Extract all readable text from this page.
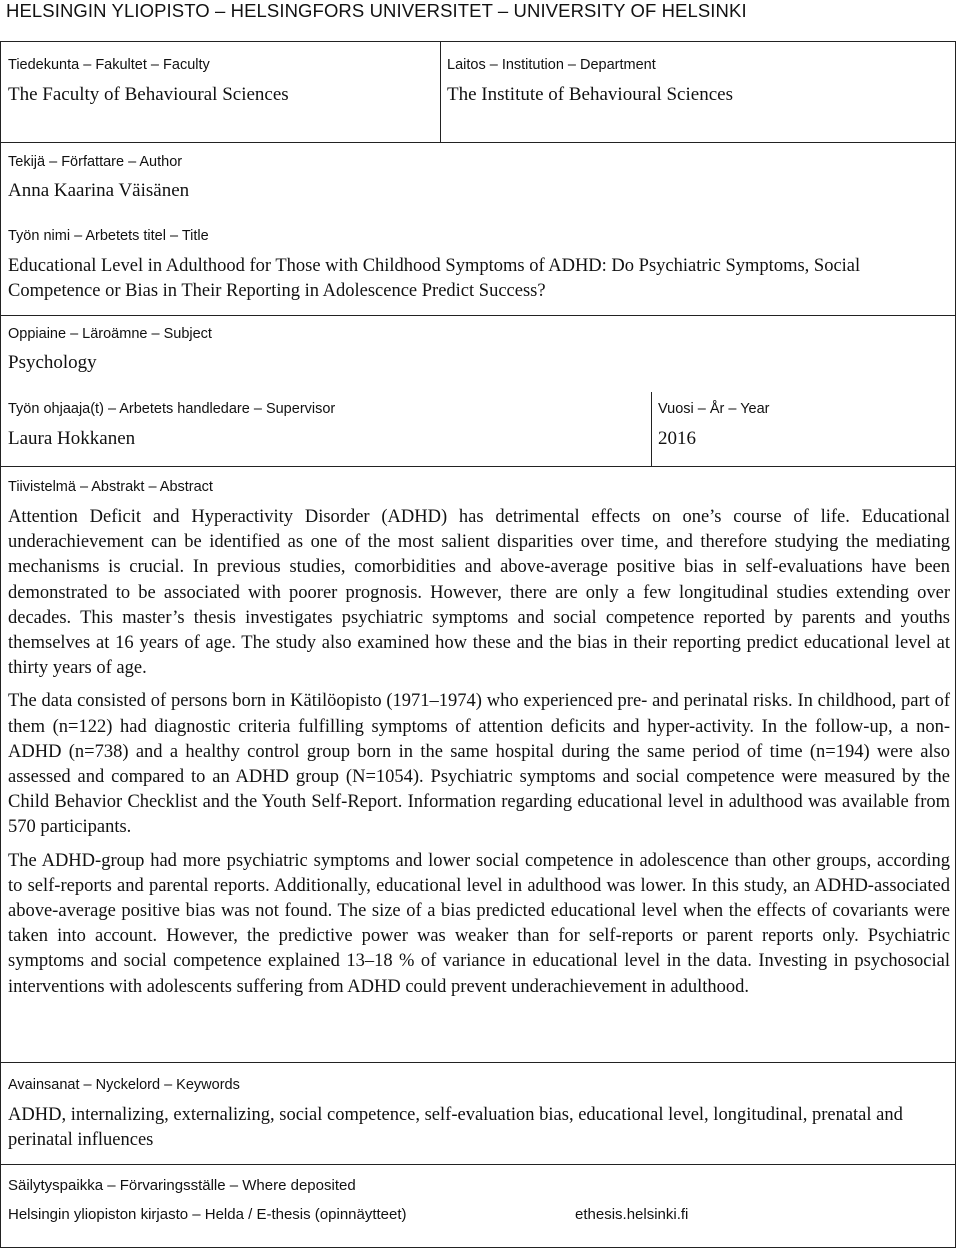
HELSINGIN YLIOPISTO – HELSINGFORS UNIVERSITET – UNIVERSITY OF HELSINKI
Tiedekunta – Fakultet – Faculty
The Faculty of Behavioural Sciences
Laitos – Institution – Department
The Institute of Behavioural Sciences
Tekijä – Författare – Author
Anna Kaarina Väisänen
Työn nimi – Arbetets titel – Title
Educational Level in Adulthood for Those with Childhood Symptoms of ADHD: Do Psychiatric Symptoms, Social Competence or Bias in Their Reporting in Adolescence Predict Success?
Oppiaine – Läroämne – Subject
Psychology
Työn ohjaaja(t) – Arbetets handledare – Supervisor
Laura Hokkanen
Vuosi – År – Year
2016
Tiivistelmä – Abstrakt – Abstract

Attention Deficit and Hyperactivity Disorder (ADHD) has detrimental effects on one’s course of life. Educational underachievement can be identified as one of the most salient disparities over time, and therefore studying the mediating mechanisms is crucial. In previous studies, comorbidities and above-average positive bias in self-evaluations have been demonstrated to be associated with poorer prognosis. However, there are only a few longitudinal studies extending over decades. This master’s thesis investigates psychiatric symptoms and social competence reported by parents and youths themselves at 16 years of age. The study also examined how these and the bias in their reporting predict educational level at thirty years of age.

The data consisted of persons born in Kätilöopisto (1971–1974) who experienced pre- and perinatal risks. In childhood, part of them (n=122) had diagnostic criteria fulfilling symptoms of attention deficits and hyper-activity. In the follow-up, a non-ADHD (n=738) and a healthy control group born in the same hospital during the same period of time (n=194) were also assessed and compared to an ADHD group (N=1054). Psychiatric symptoms and social competence were measured by the Child Behavior Checklist and the Youth Self-Report. Information regarding educational level in adulthood was available from 570 participants.

The ADHD-group had more psychiatric symptoms and lower social competence in adolescence than other groups, according to self-reports and parental reports. Additionally, educational level in adulthood was lower. In this study, an ADHD-associated above-average positive bias was not found. The size of a bias predicted educational level when the effects of covariants were taken into account. However, the predictive power was weaker than for self-reports or parent reports only. Psychiatric symptoms and social competence explained 13–18 % of variance in educational level in the data. Investing in psychosocial interventions with adolescents suffering from ADHD could prevent underachievement in adulthood.

Avainsanat – Nyckelord – Keywords
ADHD, internalizing, externalizing, social competence, self-evaluation bias, educational level, longitudinal, prenatal and perinatal influences
Säilytyspaikka – Förvaringsställe – Where deposited
Helsingin yliopiston kirjasto – Helda / E-thesis (opinnäytteet)	ethesis.helsinki.fi
